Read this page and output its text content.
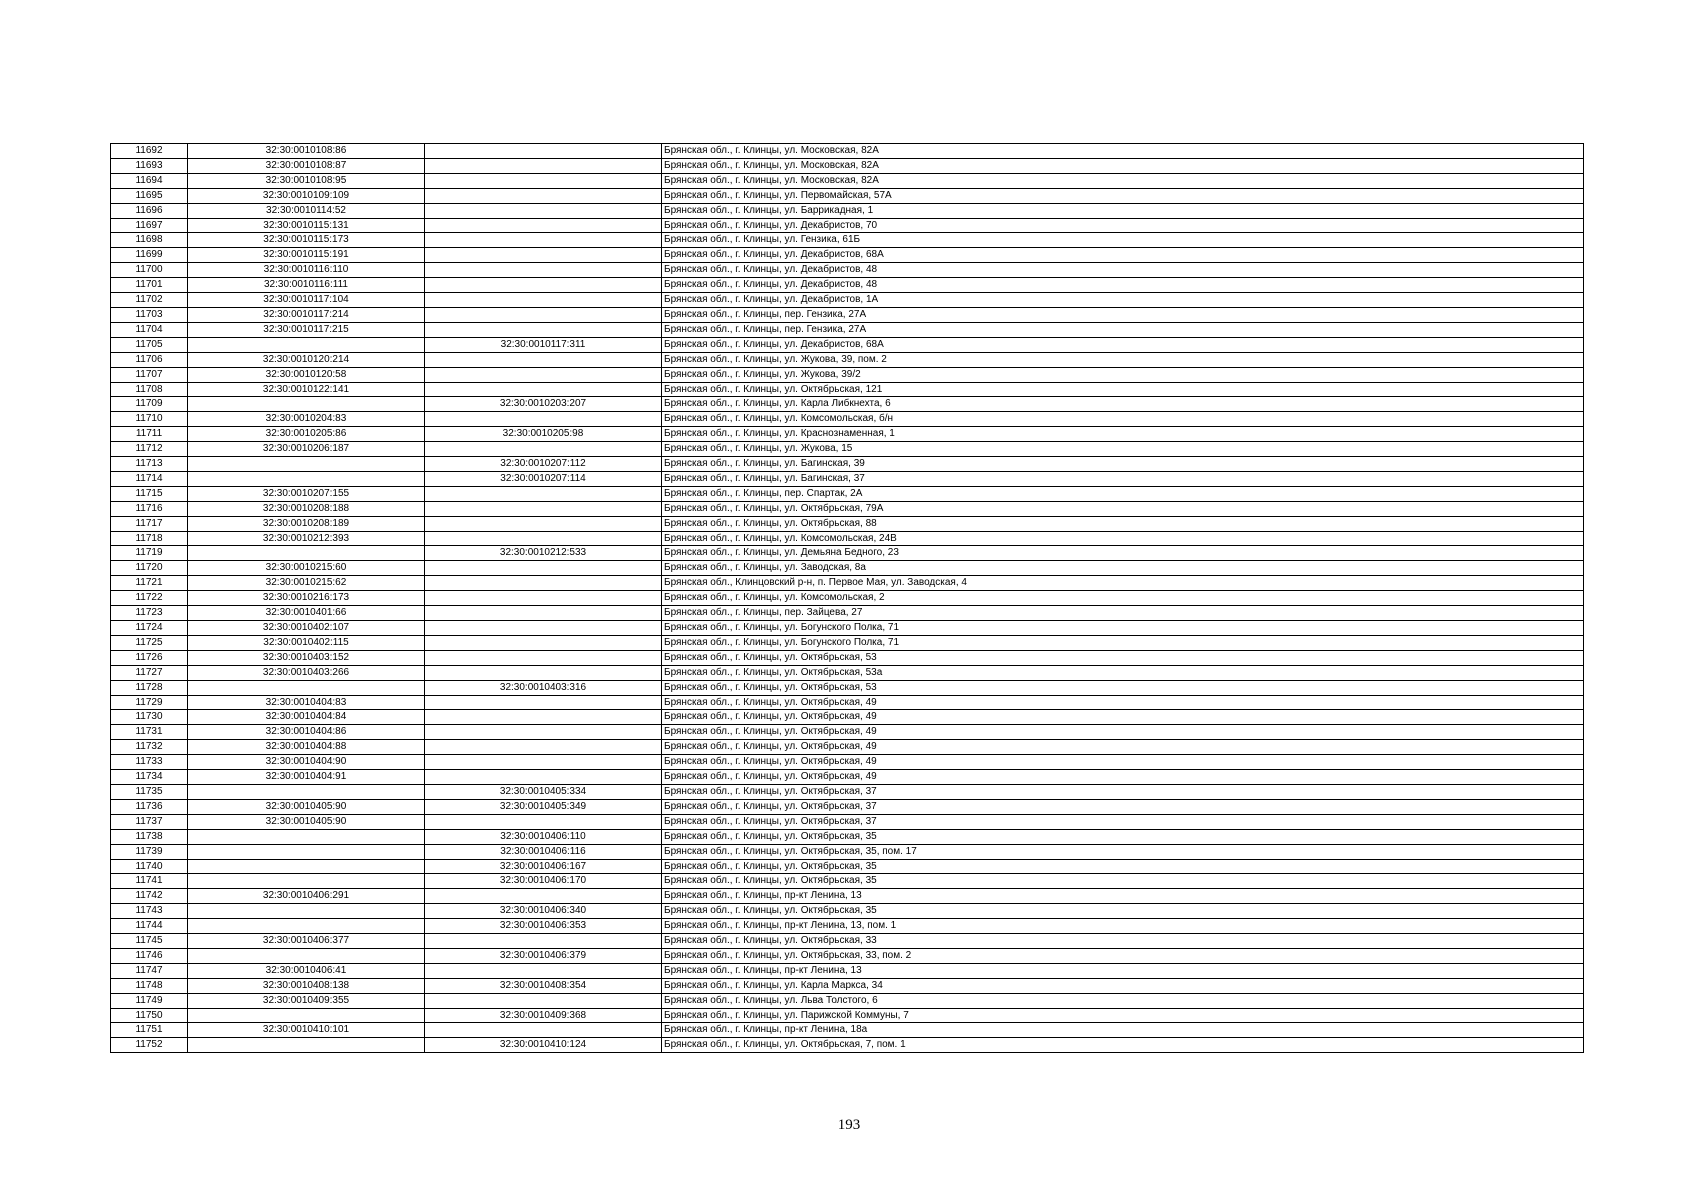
11692	32:30:0010108:86		Брянская обл., г. Клинцы, ул. Московская, 82А
11693	32:30:0010108:87		Брянская обл., г. Клинцы, ул. Московская, 82А
11694	32:30:0010108:95		Брянская обл., г. Клинцы, ул. Московская, 82А
11695	32:30:0010109:109		Брянская обл., г. Клинцы, ул. Первомайская, 57А
11696	32:30:0010114:52		Брянская обл., г. Клинцы, ул. Баррикадная, 1
11697	32:30:0010115:131		Брянская обл., г. Клинцы, ул. Декабристов, 70
11698	32:30:0010115:173		Брянская обл., г. Клинцы, ул. Гензика, 61Б
11699	32:30:0010115:191		Брянская обл., г. Клинцы, ул. Декабристов, 68А
11700	32:30:0010116:110		Брянская обл., г. Клинцы, ул. Декабристов, 48
11701	32:30:0010116:111		Брянская обл., г. Клинцы, ул. Декабристов, 48
11702	32:30:0010117:104		Брянская обл., г. Клинцы, ул. Декабристов, 1А
11703	32:30:0010117:214		Брянская обл., г. Клинцы, пер. Гензика, 27А
11704	32:30:0010117:215		Брянская обл., г. Клинцы, пер. Гензика, 27А
11705		32:30:0010117:311	Брянская обл., г. Клинцы, ул. Декабристов, 68А
11706	32:30:0010120:214		Брянская обл., г. Клинцы, ул. Жукова, 39, пом. 2
11707	32:30:0010120:58		Брянская обл., г. Клинцы, ул. Жукова, 39/2
11708	32:30:0010122:141		Брянская обл., г. Клинцы, ул. Октябрьская, 121
11709		32:30:0010203:207	Брянская обл., г. Клинцы, ул. Карла Либкнехта, 6
11710	32:30:0010204:83		Брянская обл., г. Клинцы, ул. Комсомольская, б/н
11711	32:30:0010205:86	32:30:0010205:98	Брянская обл., г. Клинцы, ул. Краснознаменная, 1
11712	32:30:0010206:187		Брянская обл., г. Клинцы, ул. Жукова, 15
11713		32:30:0010207:112	Брянская обл., г. Клинцы, ул. Багинская, 39
11714		32:30:0010207:114	Брянская обл., г. Клинцы, ул. Багинская, 37
11715	32:30:0010207:155		Брянская обл., г. Клинцы, пер. Спартак, 2А
11716	32:30:0010208:188		Брянская обл., г. Клинцы, ул. Октябрьская, 79А
11717	32:30:0010208:189		Брянская обл., г. Клинцы, ул. Октябрьская, 88
11718	32:30:0010212:393		Брянская обл., г. Клинцы, ул. Комсомольская, 24В
11719		32:30:0010212:533	Брянская обл., г. Клинцы, ул. Демьяна Бедного, 23
11720	32:30:0010215:60		Брянская обл., г. Клинцы, ул. Заводская, 8а
11721	32:30:0010215:62		Брянская обл., Клинцовский р-н, п. Первое Мая, ул. Заводская, 4
11722	32:30:0010216:173		Брянская обл., г. Клинцы, ул. Комсомольская, 2
11723	32:30:0010401:66		Брянская обл., г. Клинцы, пер. Зайцева, 27
11724	32:30:0010402:107		Брянская обл., г. Клинцы, ул. Богунского Полка, 71
11725	32:30:0010402:115		Брянская обл., г. Клинцы, ул. Богунского Полка, 71
11726	32:30:0010403:152		Брянская обл., г. Клинцы, ул. Октябрьская, 53
11727	32:30:0010403:266		Брянская обл., г. Клинцы, ул. Октябрьская, 53а
11728		32:30:0010403:316	Брянская обл., г. Клинцы, ул. Октябрьская, 53
11729	32:30:0010404:83		Брянская обл., г. Клинцы, ул. Октябрьская, 49
11730	32:30:0010404:84		Брянская обл., г. Клинцы, ул. Октябрьская, 49
11731	32:30:0010404:86		Брянская обл., г. Клинцы, ул. Октябрьская, 49
11732	32:30:0010404:88		Брянская обл., г. Клинцы, ул. Октябрьская, 49
11733	32:30:0010404:90		Брянская обл., г. Клинцы, ул. Октябрьская, 49
11734	32:30:0010404:91		Брянская обл., г. Клинцы, ул. Октябрьская, 49
11735		32:30:0010405:334	Брянская обл., г. Клинцы, ул. Октябрьская, 37
11736	32:30:0010405:90	32:30:0010405:349	Брянская обл., г. Клинцы, ул. Октябрьская, 37
11737	32:30:0010405:90		Брянская обл., г. Клинцы, ул. Октябрьская, 37
11738		32:30:0010406:110	Брянская обл., г. Клинцы, ул. Октябрьская, 35
11739		32:30:0010406:116	Брянская обл., г. Клинцы, ул. Октябрьская, 35, пом. 17
11740		32:30:0010406:167	Брянская обл., г. Клинцы, ул. Октябрьская, 35
11741		32:30:0010406:170	Брянская обл., г. Клинцы, ул. Октябрьская, 35
11742	32:30:0010406:291		Брянская обл., г. Клинцы, пр-кт Ленина, 13
11743		32:30:0010406:340	Брянская обл., г. Клинцы, ул. Октябрьская, 35
11744		32:30:0010406:353	Брянская обл., г. Клинцы, пр-кт Ленина, 13, пом. 1
11745	32:30:0010406:377		Брянская обл., г. Клинцы, ул. Октябрьская, 33
11746		32:30:0010406:379	Брянская обл., г. Клинцы, ул. Октябрьская, 33, пом. 2
11747	32:30:0010406:41		Брянская обл., г. Клинцы, пр-кт Ленина, 13
11748	32:30:0010408:138	32:30:0010408:354	Брянская обл., г. Клинцы, ул. Карла Маркса, 34
11749	32:30:0010409:355		Брянская обл., г. Клинцы, ул. Льва Толстого, 6
11750		32:30:0010409:368	Брянская обл., г. Клинцы, ул. Парижской Коммуны, 7
11751	32:30:0010410:101		Брянская обл., г. Клинцы, пр-кт Ленина, 18а
11752		32:30:0010410:124	Брянская обл., г. Клинцы, ул. Октябрьская, 7, пом. 1
193
